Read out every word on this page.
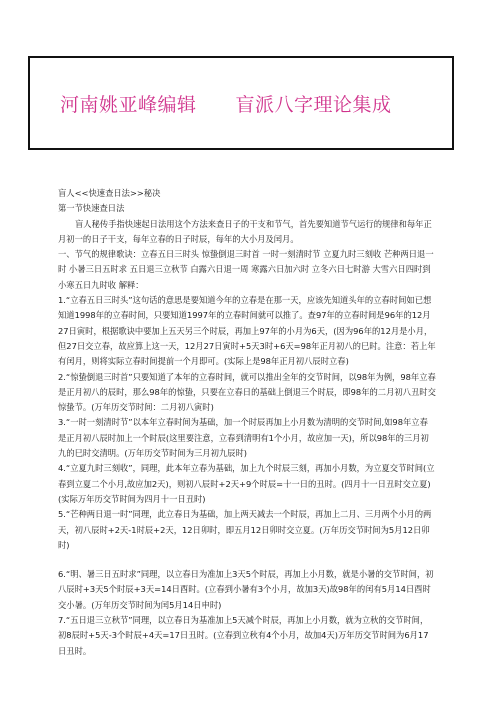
河南姚亚峰编辑　　盲派八字理论集成

盲人<<快速查日法>>秘决

第一节快速查日法

盲人秘传手指快速起日法用这个方法来查日子的干支和节气，首先要知道节气运行的规律和每年正月初一的日子干支，每年立春的日子时辰，每年的大小月及闰月。

一、节气的规律歌诀：立春五日三时头 惊蛰倒退三时首 一时一刻清时节 立夏九时三刻收 芒种两日退一时 小暑三日五时求 五日退三立秋节 白露六日退一周 寒露六日加六时 立冬六日七时游 大雪六日四时到 小寒五日九时收 解释：

1.“立春五日三时头”这句话的意思是要知道今年的立春是在那一天，应该先知道头年的立春时间如已想知道1998年的立春时间，只要知道1997年的立春时间就可以推了。查97年的立春时间是96年的12月27日寅时，根据歌诀中要加上五天另三个时辰，再加上97年的小月为6天，(因为96年的12月是小月，但27日交立春，故应算上这一天，12月27日寅时+5天3时+6天=98年正月初八的巳时。注意：若上年有闰月，则将实际立春时间提前一个月即可。(实际上是98年正月初八辰时立春)

2.“惊蛰倒退三时首”只要知道了本年的立春时间，就可以推出全年的交节时间，以98年为例，98年立春是正月初八的辰时，那么98年的惊蛰，只要在立春日的基础上倒退三个时辰，即98年的二月初八丑时交惊蛰节。(万年历交节时间：二月初八寅时)

3.“一时一刻清时节”以本年立春时间为基础，加一个时辰再加上小月数为清明的交节时间,如98年立春是正月初八辰时加上一个时辰(这里要注意，立春到清明有1个小月，故应加一天)，所以98年的三月初九的巳时交清明。(万年历交节时间为三月初九辰时)

4.“立夏九时三刻收”，同理，此本年立春为基础，加上九个时辰三刻，再加小月数，为立夏交节时间(立春到立夏二个小月,故应加2天)，则初八辰时+2天+9个时辰=十一日的丑时。(四月十一日丑时交立夏)(实际万年历交节时间为四月十一日丑时)

5.“芒种两日退一时”同理，此立春日为基础，加上两天减去一个时辰，再加上二月、三月两个小月的两天，初八辰时+2天-1时辰+2天，12日卯时，即五月12日卯时交立夏。(万年历交节时间为5月12日卯时)

6.“明、暑三日五时求”同理，以立春日为准加上3天5个时辰，再加上小月数，就是小暑的交节时间，初八辰时+3天5个时辰+3天=14日酉时。(立春到小暑有3个小月，故加3天)故98年的闰有5月14日酉时交小暑。(万年历交节时间为闰5月14日申时)

7.“五日退三立秋节”同理，以立春日为基准加上5天减个时辰，再加上小月数，就为立秋的交节时间，初8辰时+5天-3个时辰+4天=17日丑时。(立春到立秋有4个小月，故加4天)万年历交节时间为6月17日丑时。
